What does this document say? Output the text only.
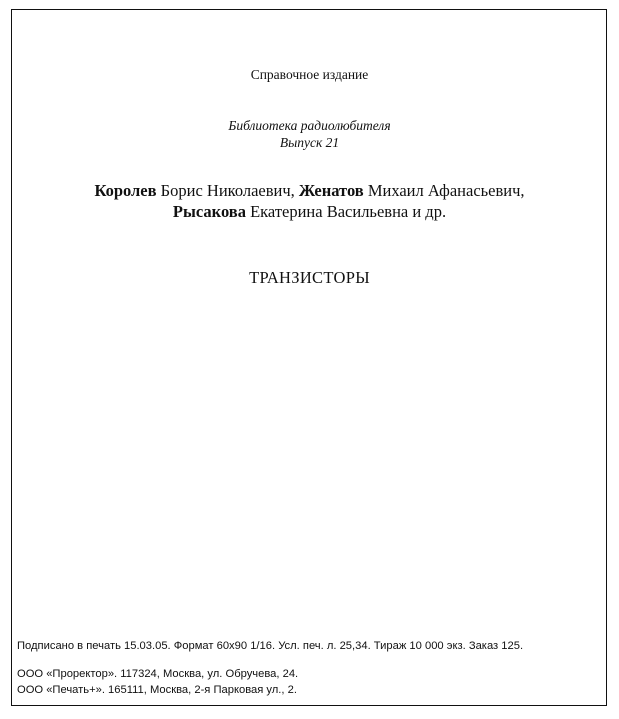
Справочное издание
Библиотека радиолюбителя
Выпуск 21
Королев Борис Николаевич, Женатов Михаил Афанасьевич,
Рысакова Екатерина Васильевна и др.
ТРАНЗИСТОРЫ
Подписано в печать 15.03.05. Формат 60x90 1/16. Усл. печ. л. 25,34. Тираж 10 000 экз. Заказ 125.
ООО «Проректор». 117324, Москва, ул. Обручева, 24.
ООО «Печать+». 165111, Москва, 2-я Парковая ул., 2.
